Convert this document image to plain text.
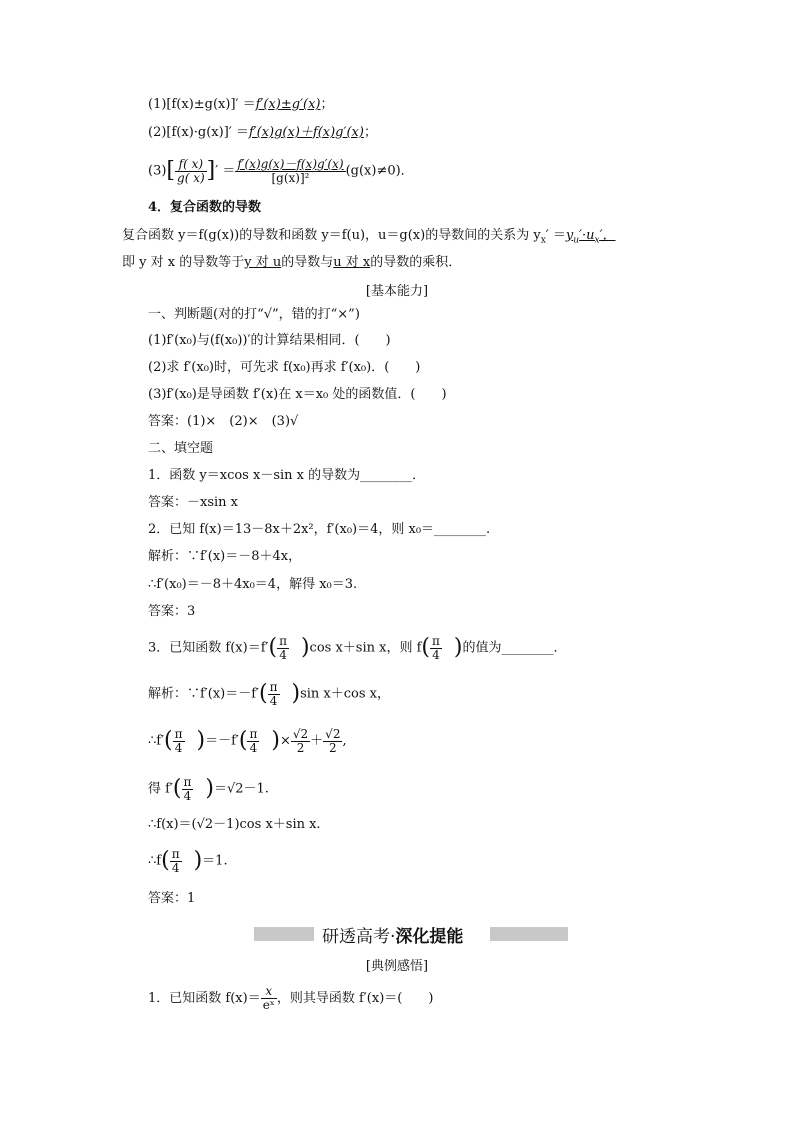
(1)[f(x)±g(x)]′ ＝f′(x)±g′(x)；
(2)[f(x)·g(x)]′ ＝f′(x)g(x)＋f(x)g′(x)；
$(3)[ \frac{f( x)}{g( x)}$ ]′ ＝ $\frac{f'(x)g(x)-f(x)g'(x)}{\text{[g(x)]²}} (g(x)\ne 0)$．
4．复合函数的导数
复合函数 y＝f(g(x))的导数和函数 y＝f(u)，u＝g(x)的导数间的关系为 $y_x' =y_u'\cdot u_x'$，
即 y 对 x 的导数等于y 对 u的导数与u 对 x的导数的乘积．
[基本能力]
一、判断题(对的打“√”，错的打“×”)
(1)f′(x₀)与(f(x₀))′的计算结果相同．(　　)
(2)求 f′(x₀)时，可先求 f(x₀)再求 f′(x₀)．(　　)
(3)f′(x₀)是导函数 f′(x)在 x＝x₀ 处的函数值．(　　)
答案：(1)×　(2)×　(3)√
二、填空题
1．函数 y＝xcos x－sin x 的导数为________．
答案：－xsin x
2．已知 f(x)＝13－8x＋2x²，f′(x₀)＝4，则 x₀＝________.
解析：∵f′(x)＝－8＋4x，
∴f′(x₀)＝－8＋4x₀＝4，解得 x₀＝3.
答案：3
3．已知函数 $f(x)=f'( \frac{\pi}{4} )\cos$ x＋sin x，则 $f( \frac{\pi}{4}$ )的值为________．
解析：∵f′(x)＝－f′( $\frac{\pi}{4} )\sin$ x＋cos x，
∴f′( $\frac{\pi}{4} )=-f'( \frac{\pi}{4}$ )× $\frac{√2}{2} + \frac{√2}{2}$ ,
得 $f'( \frac{\pi}{4} )=√2-1$.
∴f(x)＝(√2－1)cos x＋sin x.
∴f( $\frac{\pi}{4} )=1$.
答案：1
研透高考·深化提能
[典例感悟]
1．已知函数 $f(x)= \frac{x}{\text{eˣ}}$ ，则其导函数 f′(x)＝(　　)
